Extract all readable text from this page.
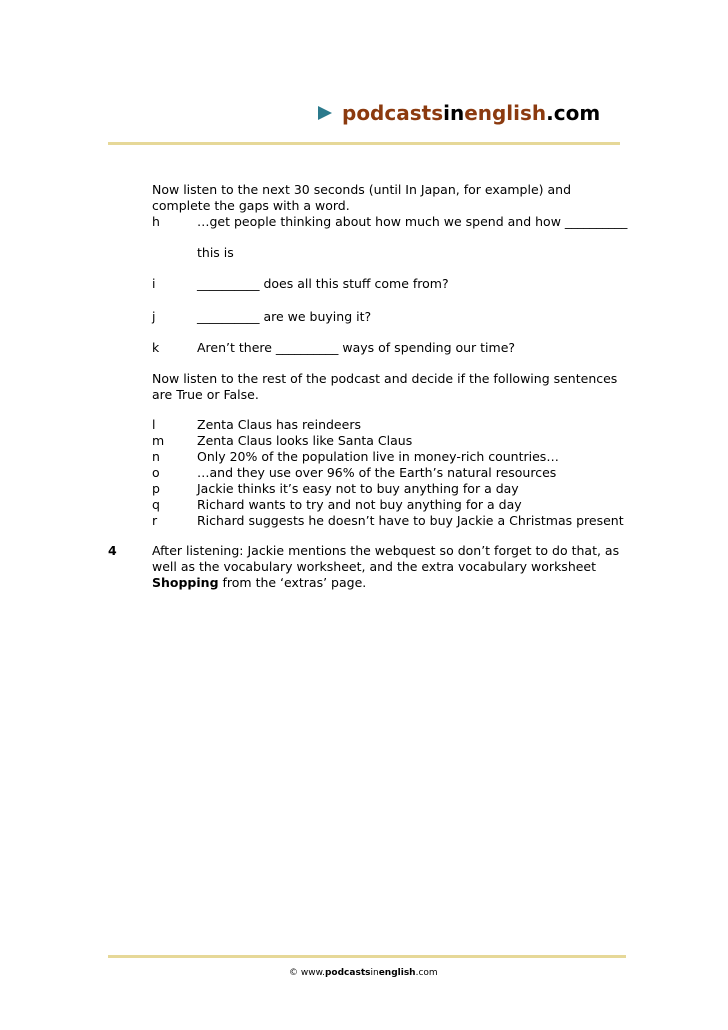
podcastsinenglish.com
Now listen to the next 30 seconds (until In Japan, for example) and
complete the gaps with a word.
h	…get people thinking about how much we spend and how __________
this is
i	__________ does all this stuff come from?
j	__________ are we buying it?
k	Aren’t there __________ ways of spending our time?
Now listen to the rest of the podcast and decide if the following sentences
are True or False.
l	Zenta Claus has reindeers
m	Zenta Claus looks like Santa Claus
n	Only 20% of the population live in money-rich countries…
o	…and they use over 96% of the Earth’s natural resources
p	Jackie thinks it’s easy not to buy anything for a day
q	Richard wants to try and not buy anything for a day
r	Richard suggests he doesn’t have to buy Jackie a Christmas present
4	After listening: Jackie mentions the webquest so don’t forget to do that, as
well as the vocabulary worksheet, and the extra vocabulary worksheet
Shopping from the ‘extras’ page.
© www.podcastsinenglish.com
